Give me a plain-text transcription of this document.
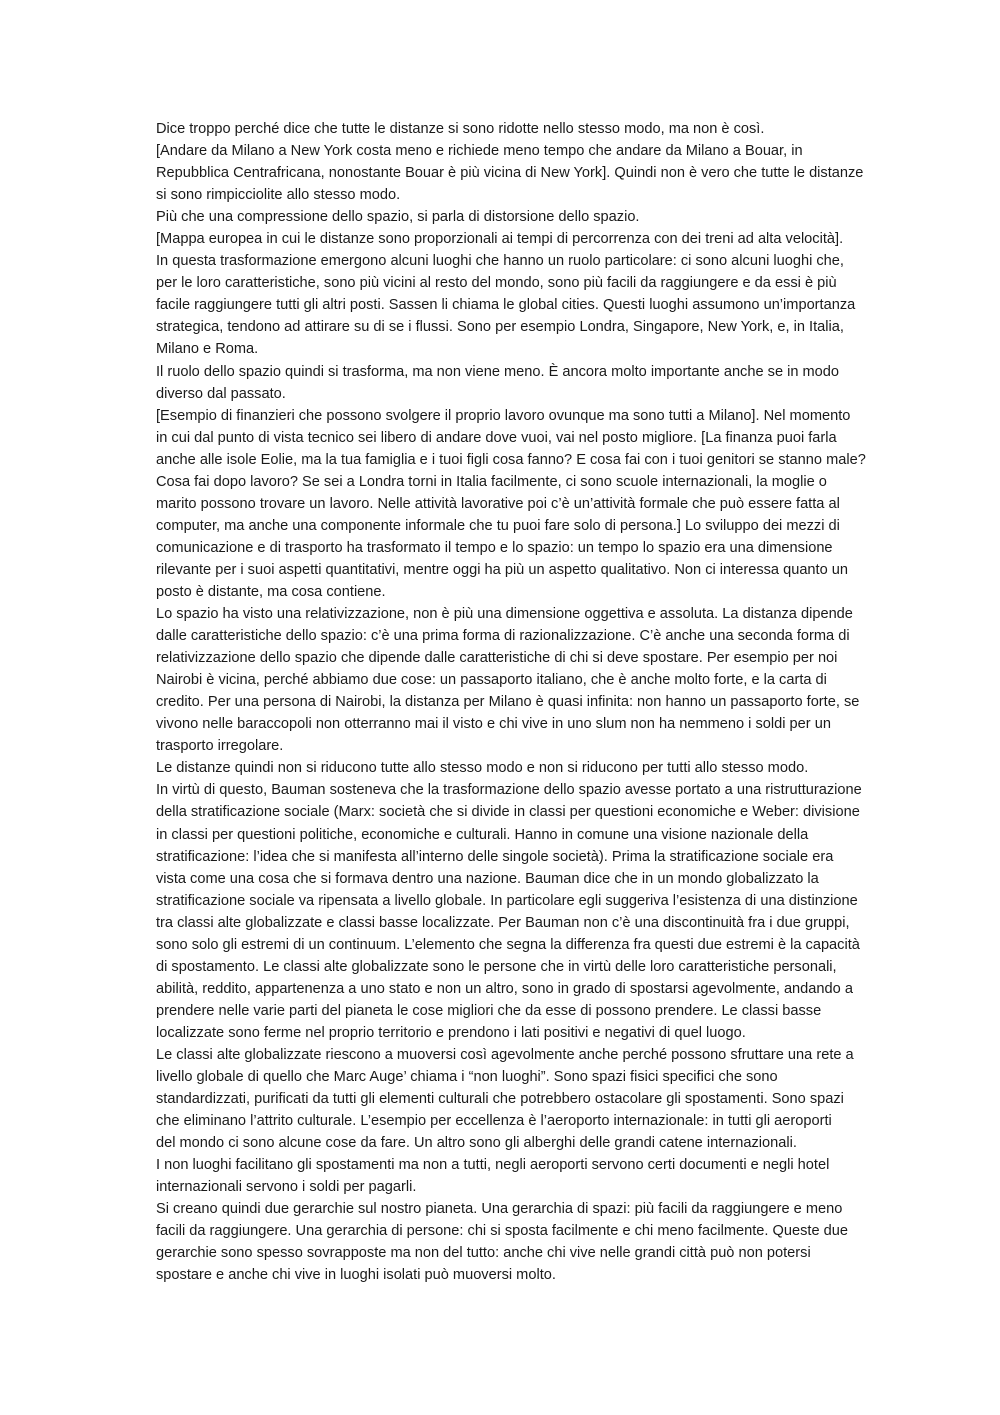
Dice troppo perché dice che tutte le distanze si sono ridotte nello stesso modo, ma non è così.

[Andare da Milano a New York costa meno e richiede meno tempo che andare da Milano a Bouar, in
Repubblica Centrafricana, nonostante Bouar è più vicina di New York]. Quindi non è vero che tutte le distanze
si sono rimpicciolite allo stesso modo.

Più che una compressione dello spazio, si parla di distorsione dello spazio.

[Mappa europea in cui le distanze sono proporzionali ai tempi di percorrenza con dei treni ad alta velocità].

In questa trasformazione emergono alcuni luoghi che hanno un ruolo particolare: ci sono alcuni luoghi che,
per le loro caratteristiche, sono più vicini al resto del mondo, sono più facili da raggiungere e da essi è più
facile raggiungere tutti gli altri posti. Sassen li chiama le global cities. Questi luoghi assumono un’importanza
strategica, tendono ad attirare su di se i flussi. Sono per esempio Londra, Singapore, New York, e, in Italia,
Milano e Roma.

Il ruolo dello spazio quindi si trasforma, ma non viene meno. È ancora molto importante anche se in modo
diverso dal passato.

[Esempio di finanzieri che possono svolgere il proprio lavoro ovunque ma sono tutti a Milano]. Nel momento
in cui dal punto di vista tecnico sei libero di andare dove vuoi, vai nel posto migliore. [La finanza puoi farla
anche alle isole Eolie, ma la tua famiglia e i tuoi figli cosa fanno? E cosa fai con i tuoi genitori se stanno male?
Cosa fai dopo lavoro? Se sei a Londra torni in Italia facilmente, ci sono scuole internazionali, la moglie o
marito possono trovare un lavoro. Nelle attività lavorative poi c’è un’attività formale che può essere fatta al
computer, ma anche una componente informale che tu puoi fare solo di persona.] Lo sviluppo dei mezzi di
comunicazione e di trasporto ha trasformato il tempo e lo spazio: un tempo lo spazio era una dimensione
rilevante per i suoi aspetti quantitativi, mentre oggi ha più un aspetto qualitativo. Non ci interessa quanto un
posto è distante, ma cosa contiene.

Lo spazio ha visto una relativizzazione, non è più una dimensione oggettiva e assoluta. La distanza dipende
dalle caratteristiche dello spazio: c’è una prima forma di razionalizzazione. C’è anche una seconda forma di
relativizzazione dello spazio che dipende dalle caratteristiche di chi si deve spostare. Per esempio per noi
Nairobi è vicina, perché abbiamo due cose: un passaporto italiano, che è anche molto forte, e la carta di
credito. Per una persona di Nairobi, la distanza per Milano è quasi infinita: non hanno un passaporto forte, se
vivono nelle baraccopoli non otterranno mai il visto e chi vive in uno slum non ha nemmeno i soldi per un
trasporto irregolare.

Le distanze quindi non si riducono tutte allo stesso modo e non si riducono per tutti allo stesso modo.

In virtù di questo, Bauman sosteneva che la trasformazione dello spazio avesse portato a una ristrutturazione
della stratificazione sociale (Marx: società che si divide in classi per questioni economiche e Weber: divisione
in classi per questioni politiche, economiche e culturali. Hanno in comune una visione nazionale della
stratificazione: l’idea che si manifesta all’interno delle singole società). Prima la stratificazione sociale era
vista come una cosa che si formava dentro una nazione. Bauman dice che in un mondo globalizzato la
stratificazione sociale va ripensata a livello globale. In particolare egli suggeriva l’esistenza di una distinzione
tra classi alte globalizzate e classi basse localizzate. Per Bauman non c’è una discontinuità fra i due gruppi,
sono solo gli estremi di un continuum. L’elemento che segna la differenza fra questi due estremi è la capacità
di spostamento. Le classi alte globalizzate sono le persone che in virtù delle loro caratteristiche personali,
abilità, reddito, appartenenza a uno stato e non un altro, sono in grado di spostarsi agevolmente, andando a
prendere nelle varie parti del pianeta le cose migliori che da esse di possono prendere. Le classi basse
localizzate sono ferme nel proprio territorio e prendono i lati positivi e negativi di quel luogo.

Le classi alte globalizzate riescono a muoversi così agevolmente anche perché possono sfruttare una rete a
livello globale di quello che Marc Auge’ chiama i “non luoghi”. Sono spazi fisici specifici che sono
standardizzati, purificati da tutti gli elementi culturali che potrebbero ostacolare gli spostamenti. Sono spazi
che eliminano l’attrito culturale. L’esempio per eccellenza è l’aeroporto internazionale: in tutti gli aeroporti
del mondo ci sono alcune cose da fare. Un altro sono gli alberghi delle grandi catene internazionali.

I non luoghi facilitano gli spostamenti ma non a tutti, negli aeroporti servono certi documenti e negli hotel
internazionali servono i soldi per pagarli.

Si creano quindi due gerarchie sul nostro pianeta. Una gerarchia di spazi: più facili da raggiungere e meno
facili da raggiungere. Una gerarchia di persone: chi si sposta facilmente e chi meno facilmente. Queste due
gerarchie sono spesso sovrapposte ma non del tutto: anche chi vive nelle grandi città può non potersi
spostare e anche chi vive in luoghi isolati può muoversi molto.
